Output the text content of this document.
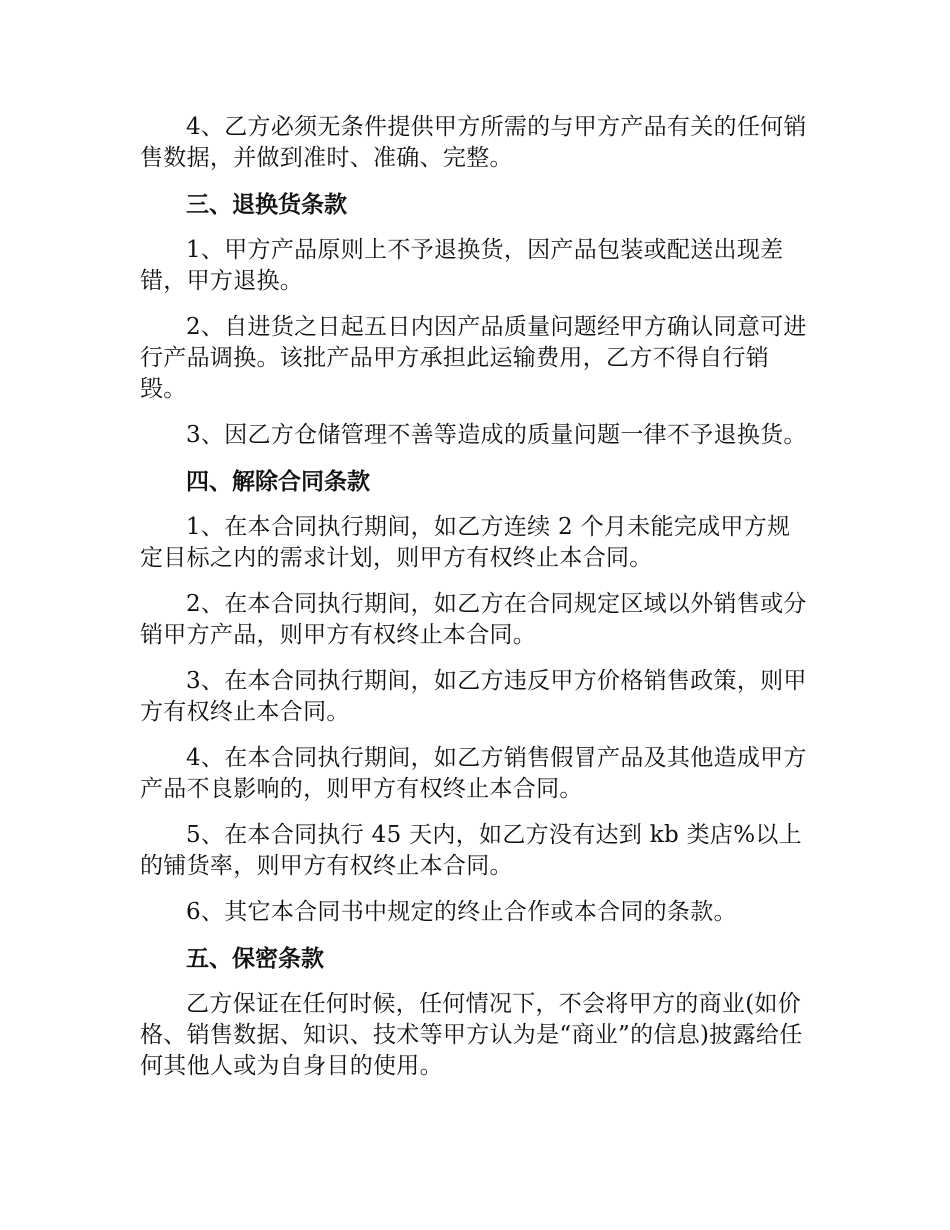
4、乙方必须无条件提供甲方所需的与甲方产品有关的任何销售数据，并做到准时、准确、完整。

三、退换货条款

1、甲方产品原则上不予退换货，因产品包装或配送出现差错，甲方退换。

2、自进货之日起五日内因产品质量问题经甲方确认同意可进行产品调换。该批产品甲方承担此运输费用，乙方不得自行销毁。

3、因乙方仓储管理不善等造成的质量问题一律不予退换货。

四、解除合同条款

1、在本合同执行期间，如乙方连续 2 个月未能完成甲方规定目标之内的需求计划，则甲方有权终止本合同。

2、在本合同执行期间，如乙方在合同规定区域以外销售或分销甲方产品，则甲方有权终止本合同。

3、在本合同执行期间，如乙方违反甲方价格销售政策，则甲方有权终止本合同。

4、在本合同执行期间，如乙方销售假冒产品及其他造成甲方产品不良影响的，则甲方有权终止本合同。

5、在本合同执行 45 天内，如乙方没有达到 kb 类店%以上的铺货率，则甲方有权终止本合同。

6、其它本合同书中规定的终止合作或本合同的条款。

五、保密条款

乙方保证在任何时候，任何情况下，不会将甲方的商业(如价格、销售数据、知识、技术等甲方认为是“商业”的信息)披露给任何其他人或为自身目的使用。
